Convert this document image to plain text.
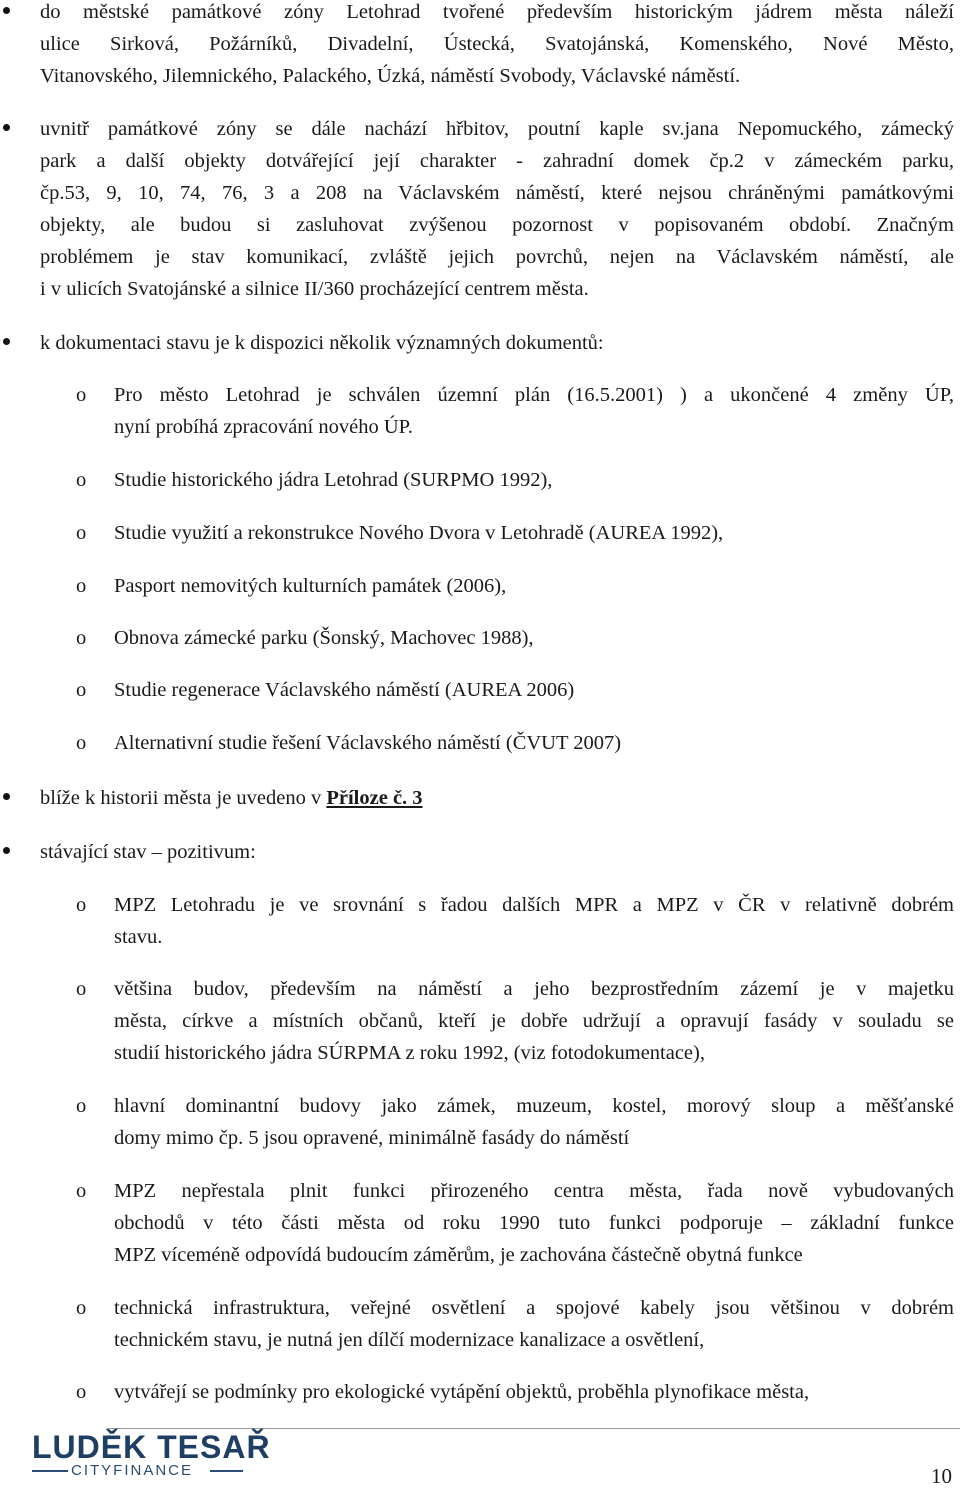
do městské památkové zóny Letohrad tvořené především historickým jádrem města náleží
ulice Sirková, Požárníků, Divadelní, Ústecká, Svatojánská, Komenského, Nové Město,
Vitanovského, Jilemnického, Palackého, Úzká, náměstí Svobody, Václavské náměstí.
uvnitř památkové zóny se dále nachází hřbitov, poutní kaple sv.jana Nepomuckého, zámecký
park a další objekty dotvářející její charakter - zahradní domek čp.2 v zámeckém parku,
čp.53, 9, 10, 74, 76, 3 a 208 na Václavském náměstí, které nejsou chráněnými památkovými
objekty, ale budou si zasluhovat zvýšenou pozornost v popisovaném období. Značným
problémem je stav komunikací, zvláště jejich povrchů, nejen na Václavském náměstí, ale
i v ulicích Svatojánské a silnice II/360 procházející centrem města.
k dokumentaci stavu je k dispozici několik významných dokumentů:
o Pro město Letohrad je schválen územní plán (16.5.2001) ) a ukončené 4 změny ÚP,
nyní probíhá zpracování nového ÚP.
o Studie historického jádra Letohrad (SURPMO 1992),
o Studie využití a rekonstrukce Nového Dvora v Letohradě (AUREA 1992),
o Pasport nemovitých kulturních památek (2006),
o Obnova zámecké parku (Šonský, Machovec 1988),
o Studie regenerace Václavského náměstí (AUREA 2006)
o Alternativní studie řešení Václavského náměstí (ČVUT 2007)
blíže k historii města je uvedeno v Příloze č. 3
stávající stav – pozitivum:
o MPZ Letohradu je ve srovnání s řadou dalších MPR a MPZ v ČR v relativně dobrém
stavu.
o většina budov, především na náměstí a jeho bezprostředním zázemí je v majetku
města, církve a místních občanů, kteří je dobře udržují a opravují fasády v souladu se
studií historického jádra SÚRPMA z roku 1992, (viz fotodokumentace),
o hlavní dominantní budovy jako zámek, muzeum, kostel, morový sloup a měšťanské
domy mimo čp. 5 jsou opravené, minimálně fasády do náměstí
o MPZ nepřestala plnit funkci přirozeného centra města, řada nově vybudovaných
obchodů v této části města od roku 1990 tuto funkci podporuje – základní funkce
MPZ víceméně odpovídá budoucím záměrům, je zachována částečně obytná funkce
o technická infrastruktura, veřejné osvětlení a spojové kabely jsou většinou v dobrém
technickém stavu, je nutná jen dílčí modernizace kanalizace a osvětlení,
o vytvářejí se podmínky pro ekologické vytápění objektů, proběhla plynofikace města,
LUDĚK TESAŘ
CITYFINANCE	10
